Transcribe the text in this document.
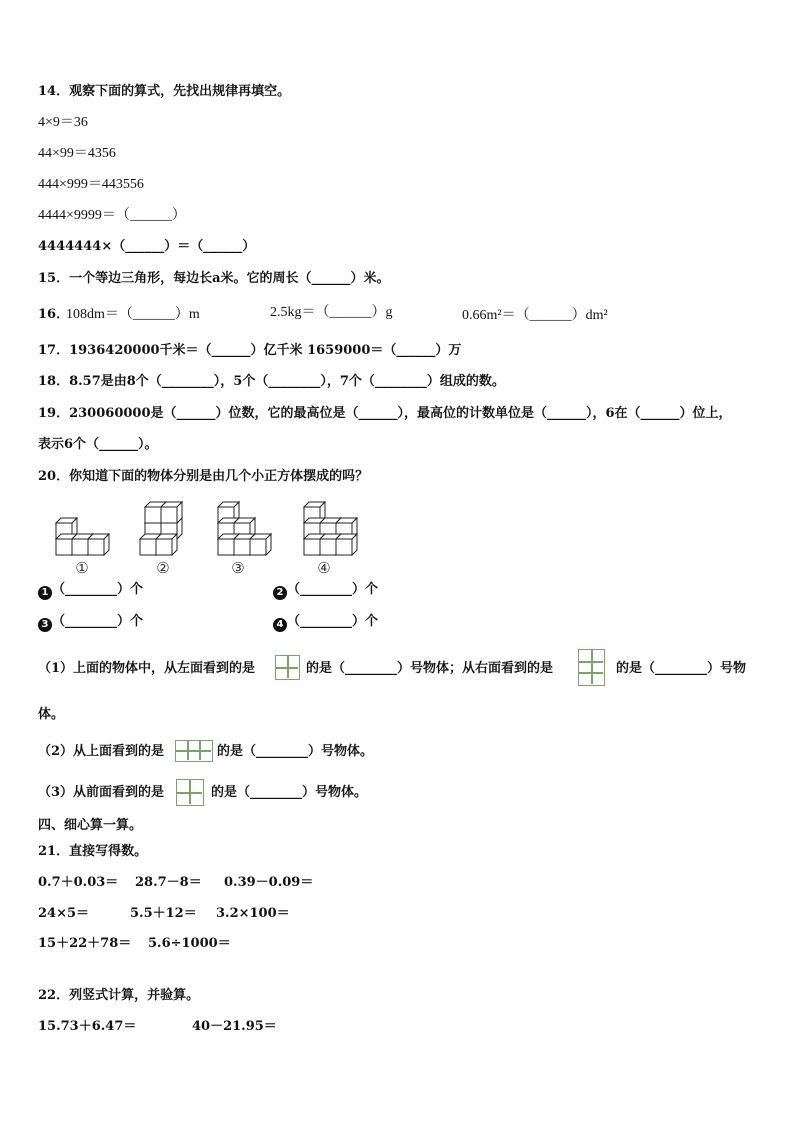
14．观察下面的算式，先找出规律再填空。
4×9＝36
44×99＝4356
444×999＝443556
4444×9999＝（______）
4444444×（______）＝（______）
15．一个等边三角形，每边长a米。它的周长（______）米。
16．
108dm＝（______）m	2.5kg＝（______）g	0.66m²＝（______）dm²
17．1936420000千米＝（______）亿千米 1659000＝（______）万
18．8.57是由8个（________），5个（________），7个（________）组成的数。
19．230060000是（______）位数，它的最高位是（______），最高位的计数单位是（______），6在（______）位上，
表示6个（______）。
20．你知道下面的物体分别是由几个小正方体摆成的吗？
①	②	③	④
1 （________）个	2 （________）个
3 （________）个	4 （________）个
（1）上面的物体中，从左面看到的是	的是（________）号物体；从右面看到的是	的是（________）号物
体。
（2）从上面看到的是	的是（________）号物体。
（3）从前面看到的是	的是（________）号物体。
四、细心算一算。
21．直接写得数。
0.7＋0.03＝ 28.7－8＝ 0.39－0.09＝
24×5＝	5.5＋12＝ 3.2×100＝
15＋22＋78＝ 5.6÷1000＝
22．列竖式计算，并验算。
15.73＋6.47＝	40－21.95＝
